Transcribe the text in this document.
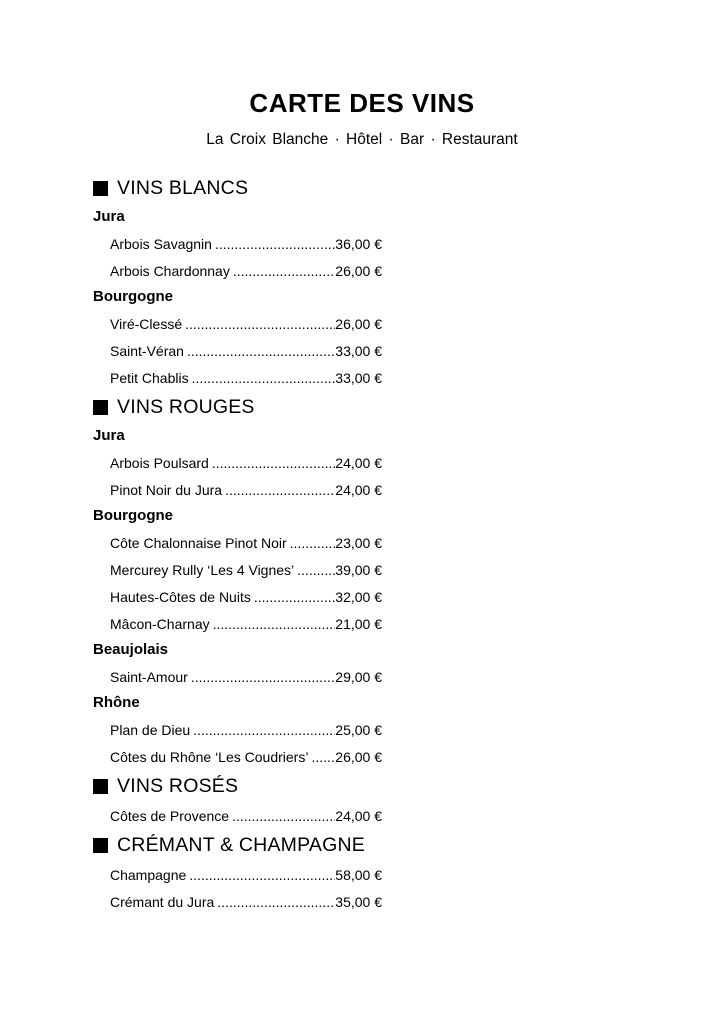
CARTE DES VINS
La Croix Blanche · Hôtel · Bar · Restaurant
VINS BLANCS
Jura
Arbois Savagnin .....	36,00 €
Arbois Chardonnay .....	26,00 €
Bourgogne
Viré-Clessé .....	26,00 €
Saint-Véran .....	33,00 €
Petit Chablis .....	33,00 €
VINS ROUGES
Jura
Arbois Poulsard .....	24,00 €
Pinot Noir du Jura .....	24,00 €
Bourgogne
Côte Chalonnaise Pinot Noir .....	23,00 €
Mercurey Rully ‘Les 4 Vignes’ .....	39,00 €
Hautes-Côtes de Nuits .....	32,00 €
Mâcon-Charnay .....	21,00 €
Beaujolais
Saint-Amour .....	29,00 €
Rhône
Plan de Dieu .....	25,00 €
Côtes du Rhône ‘Les Coudriers’ ..... 26,00 €
VINS ROSÉS
Côtes de Provence .....	24,00 €
CRÉMANT & CHAMPAGNE
Champagne .....	58,00 €
Crémant du Jura .....	35,00 €
